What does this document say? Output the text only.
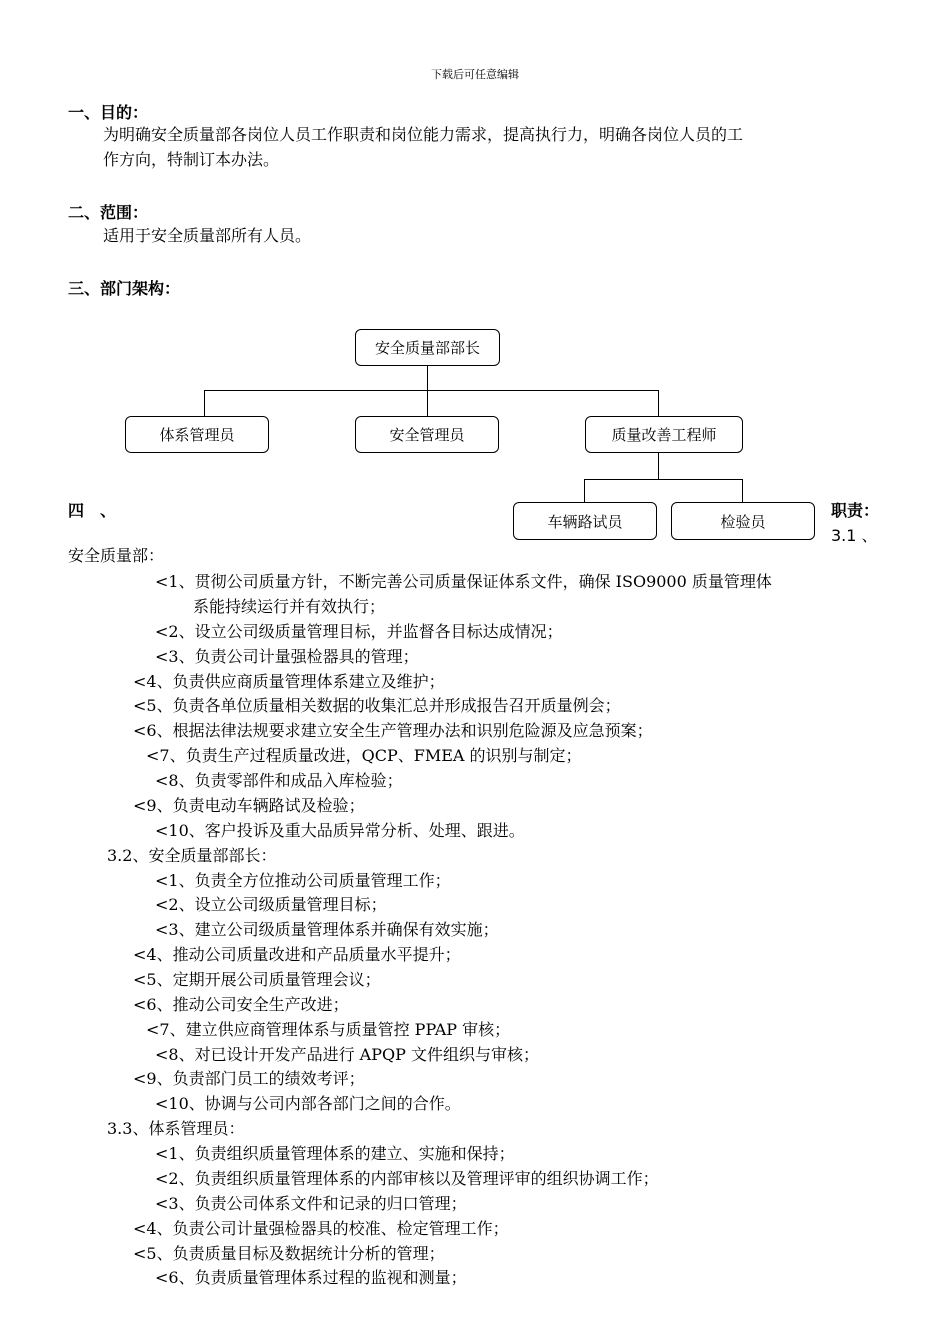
下载后可任意编辑
一、目的：
为明确安全质量部各岗位人员工作职责和岗位能力需求，提高执行力，明确各岗位人员的工
作方向，特制订本办法。
二、范围：
适用于安全质量部所有人员。
三、部门架构：
安全质量部部长
体系管理员	安全管理员	质量改善工程师
车辆路试员	检验员
四　、	职责：
3.1 、
安全质量部：
<1、贯彻公司质量方针，不断完善公司质量保证体系文件，确保 ISO9000 质量管理体
系能持续运行并有效执行；
<2、设立公司级质量管理目标，并监督各目标达成情况；
<3、负责公司计量强检器具的管理；
<4、负责供应商质量管理体系建立及维护；
<5、负责各单位质量相关数据的收集汇总并形成报告召开质量例会；
<6、根据法律法规要求建立安全生产管理办法和识别危险源及应急预案；
<7、负责生产过程质量改进，QCP、FMEA 的识别与制定；
<8、负责零部件和成品入库检验；
<9、负责电动车辆路试及检验；
<10、客户投诉及重大品质异常分析、处理、跟进。
3.2、安全质量部部长：
<1、负责全方位推动公司质量管理工作；
<2、设立公司级质量管理目标；
<3、建立公司级质量管理体系并确保有效实施；
<4、推动公司质量改进和产品质量水平提升；
<5、定期开展公司质量管理会议；
<6、推动公司安全生产改进；
<7、建立供应商管理体系与质量管控 PPAP 审核；
<8、对已设计开发产品进行 APQP 文件组织与审核；
<9、负责部门员工的绩效考评；
<10、协调与公司内部各部门之间的合作。
3.3、体系管理员：
<1、负责组织质量管理体系的建立、实施和保持；
<2、负责组织质量管理体系的内部审核以及管理评审的组织协调工作；
<3、负责公司体系文件和记录的归口管理；
<4、负责公司计量强检器具的校准、检定管理工作；
<5、负责质量目标及数据统计分析的管理；
<6、负责质量管理体系过程的监视和测量；
